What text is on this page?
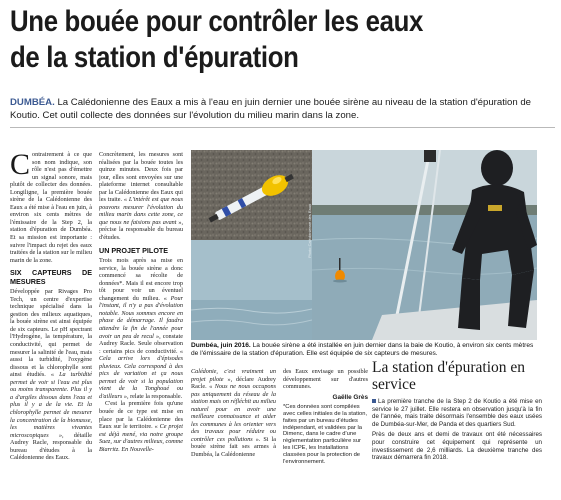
Une bouée pour contrôler les eaux
de la station d'épuration
DUMBÉA. La Calédonienne des Eaux a mis à l'eau en juin dernier une bouée sirène au niveau de la station d'épuration de Koutio. Cet outil collecte des données sur l'évolution du milieu marin dans la zone.

Contrairement à ce que son nom indique, son rôle n'est pas d'émettre un signal sonore, mais plutôt de collecter des données. Longiligne, la première bouée sirène de la Calédonienne des Eaux a été mise à l'eau en juin, à environ six cents mètres de l'émissaire de la Step 2, la station d'épuration de Dumbéa. Et sa mission est importante : suivre l'impact du rejet des eaux traitées de la station sur le milieu marin de la zone.

SIX CAPTEURS DE MESURES

Développée par Rivages Pro Tech, un centre d'expertise technique spécialisé dans la gestion des milieux aquatiques, la bouée sirène est ainsi équipée de six capteurs. Le pH spectrant l'Hydrogène, la température, la conductivité, qui permet de mesurer la salinité de l'eau, mais aussi la turbidité, l'oxygène dissous et la chlorophylle sont ainsi étudiés. « La turbidité permet de voir si l'eau est plus ou moins transparente. Plus il y a d'argiles dissous dans l'eau et plus il y a de la vie. Et la chlorophylle permet de mesurer la concentration de la biomasse, les matières vivantes microscopiques », détaille Audrey Racle, responsable du bureau d'études à la Calédonienne des Eaux.

Concrètement, les mesures sont réalisées par la bouée toutes les quinze minutes. Deux fois par jour, elles sont envoyées sur une plateforme internet consultable par la Calédonienne des Eaux qui les traite. « L'intérêt est que nous pouvons mesurer l'évolution du milieu marin dans cette zone, ce que nous ne faisions pas avant », précise la responsable du bureau d'études.

UN PROJET PILOTE

Trois mois après sa mise en service, la bouée sirène a donc commencé sa récolte de données*. Mais il est encore trop tôt pour voir un éventuel changement du milieu. « Pour l'instant, il n'y a pas d'évolution notable. Nous sommes encore en phase de démarrage. Il faudra attendre la fin de l'année pour avoir un peu de recul », constate Audrey Racle. Seule observation : certains pics de conductivité. « Cela arrive lors d'épisodes pluvieux. Cela correspond à des pics de variation et ça nous permet de voir si la population vient de la Tonghoué ou d'ailleurs », relate la responsable.

C'est la première fois qu'une bouée de ce type est mise en place par la Calédonienne des Eaux sur le territoire. « Ce projet est déjà mené, via notre groupe Suez, sur d'autres milieux, comme Biarritz. En Nouvelle-

Photo Calédonienne des Eaux
Dumbéa, juin 2016. La bouée sirène a été installée en juin dernier dans la baie de Koutio, à environ six cents mètres de l'émissaire de la station d'épuration. Elle est équipée de six capteurs de mesures.

Calédonie, c'est vraiment un projet pilote », déclare Audrey Racle. « Nous ne nous occupons pas uniquement du réseau de la station mais on réfléchit au milieu naturel pour en avoir une meilleure connaissance et aider les communes à les orienter vers des travaux pour réduire ou contrôler ces pollutions ». Si la bouée sirène fait ses armes à Dumbéa, la Calédonienne

des Eaux envisage un possible développement sur d'autres communes.

Gaëlle Grès
*Ces données sont compilées avec celles initiales de la station, faites par un bureau d'études indépendant, et validées par la Dimenc, dans le cadre d'une réglementation particulière sur les ICPE, les Installations classées pour la protection de l'environnement.
La station d'épuration en service

La première tranche de la Step 2 de Koutio a été mise en service le 27 juillet. Elle restera en observation jusqu'à la fin de l'année, mais traite désormais l'ensemble des eaux usées de Dumbéa-sur-Mer, de Panda et des quartiers Sud.

Près de deux ans et demi de travaux ont été nécessaires pour construire cet équipement qui représente un investissement de 2,6 milliards. La deuxième tranche des travaux démarrera fin 2018.
